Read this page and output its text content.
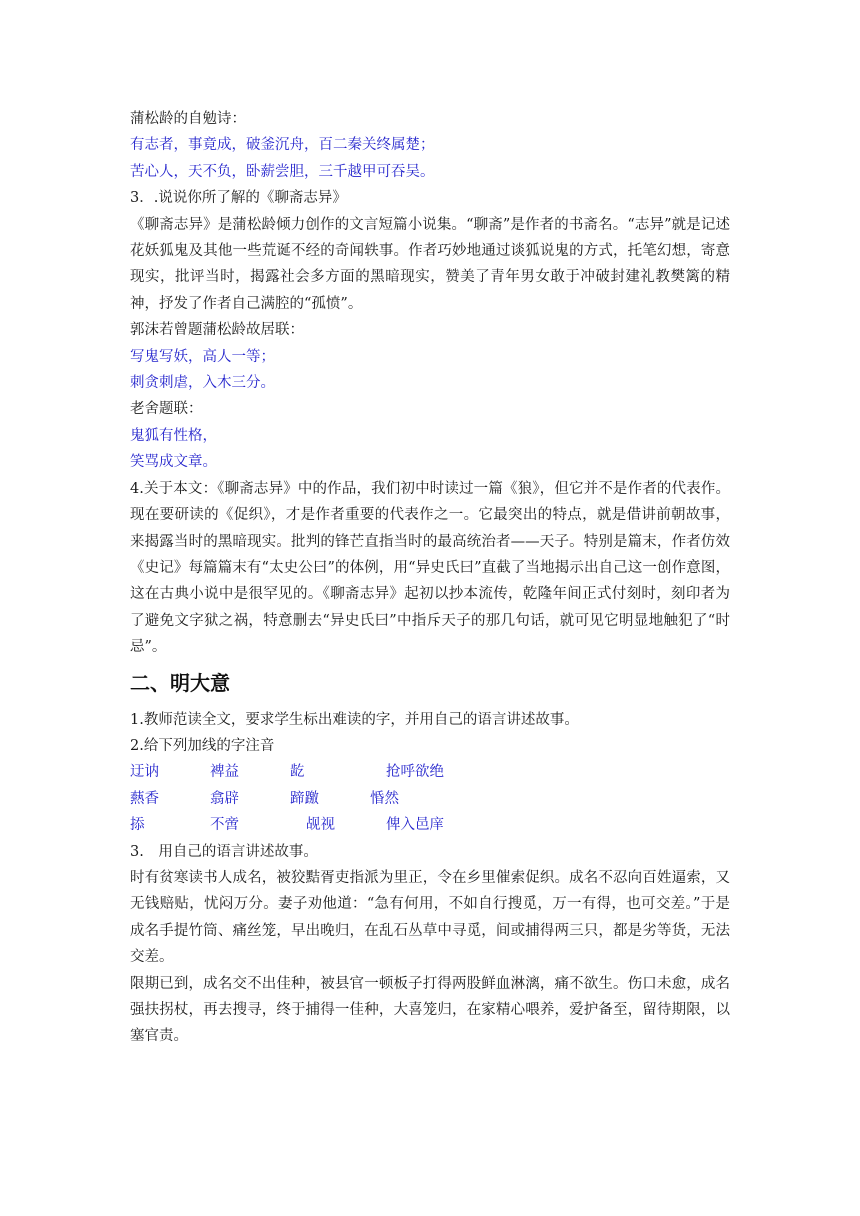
蒲松龄的自勉诗：
有志者，事竟成，破釜沉舟，百二秦关终属楚；
苦心人，天不负，卧薪尝胆，三千越甲可吞吴。
3．.说说你所了解的《聊斋志异》
《聊斋志异》是蒲松龄倾力创作的文言短篇小说集。“聊斋”是作者的书斋名。“志异”就是记述花妖狐鬼及其他一些荒诞不经的奇闻轶事。作者巧妙地通过谈狐说鬼的方式，托笔幻想，寄意现实，批评当时，揭露社会多方面的黑暗现实，赞美了青年男女敢于冲破封建礼教樊篱的精神，抒发了作者自己满腔的“孤愤”。
郭沫若曾题蒲松龄故居联：
写鬼写妖，高人一等；
刺贪刺虐，入木三分。
老舍题联：
鬼狐有性格，
笑骂成文章。
4.关于本文：《聊斋志异》中的作品，我们初中时读过一篇《狼》，但它并不是作者的代表作。现在要研读的《促织》，才是作者重要的代表作之一。它最突出的特点，就是借讲前朝故事，来揭露当时的黑暗现实。批判的锋芒直指当时的最高统治者——天子。特别是篇末，作者仿效《史记》每篇篇末有“太史公曰”的体例，用“异史氏曰”直截了当地揭示出自己这一创作意图，这在古典小说中是很罕见的。《聊斋志异》起初以抄本流传，乾隆年间正式付刻时，刻印者为了避免文字狱之祸，特意删去“异史氏曰”中指斥天子的那几句话，就可见它明显地触犯了“时忌”。
二、明大意
1.教师范读全文，要求学生标出难读的字，并用自己的语言讲述故事。
2.给下列加线的字注音
迂讷	裨益	龁	抢呼欲绝
爇香	翕辟	蹄躈	惛然
掭	不啻	觇视	俾入邑庠
3.　用自己的语言讲述故事。
时有贫寒读书人成名，被狡黠胥吏指派为里正，令在乡里催索促织。成名不忍向百姓逼索，又无钱赔贴，忧闷万分。妻子劝他道：“急有何用，不如自行搜觅，万一有得，也可交差。”于是成名手提竹筒、痛丝笼，早出晚归，在乱石丛草中寻觅，间或捕得两三只，都是劣等货，无法交差。
限期已到，成名交不出佳种，被县官一顿板子打得两股鲜血淋漓，痛不欲生。伤口未愈，成名强扶拐杖，再去搜寻，终于捕得一佳种，大喜笼归，在家精心喂养，爱护备至，留待期限，以塞官责。
